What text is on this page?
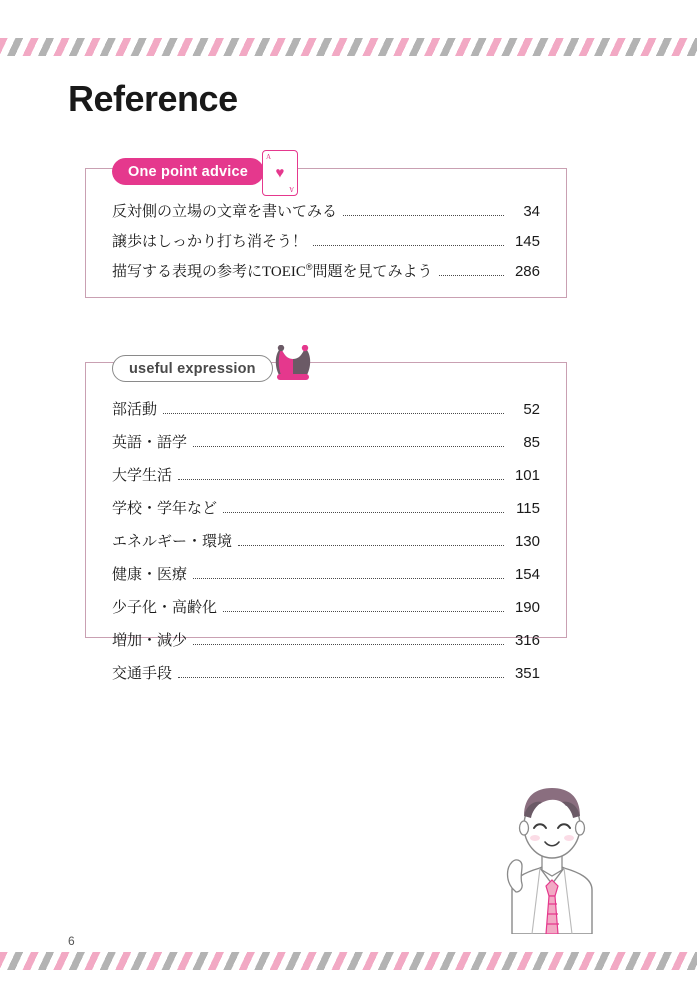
Reference
One point advice
A
♥
A
反対側の立場の文章を書いてみる	34
譲歩はしっかり打ち消そう！	145
描写する表現の参考にTOEIC®問題を見てみよう	286
useful expression
部活動	52
英語・語学	85
大学生活	101
学校・学年など	115
エネルギー・環境	130
健康・医療	154
少子化・高齢化	190
増加・減少	316
交通手段	351
6
